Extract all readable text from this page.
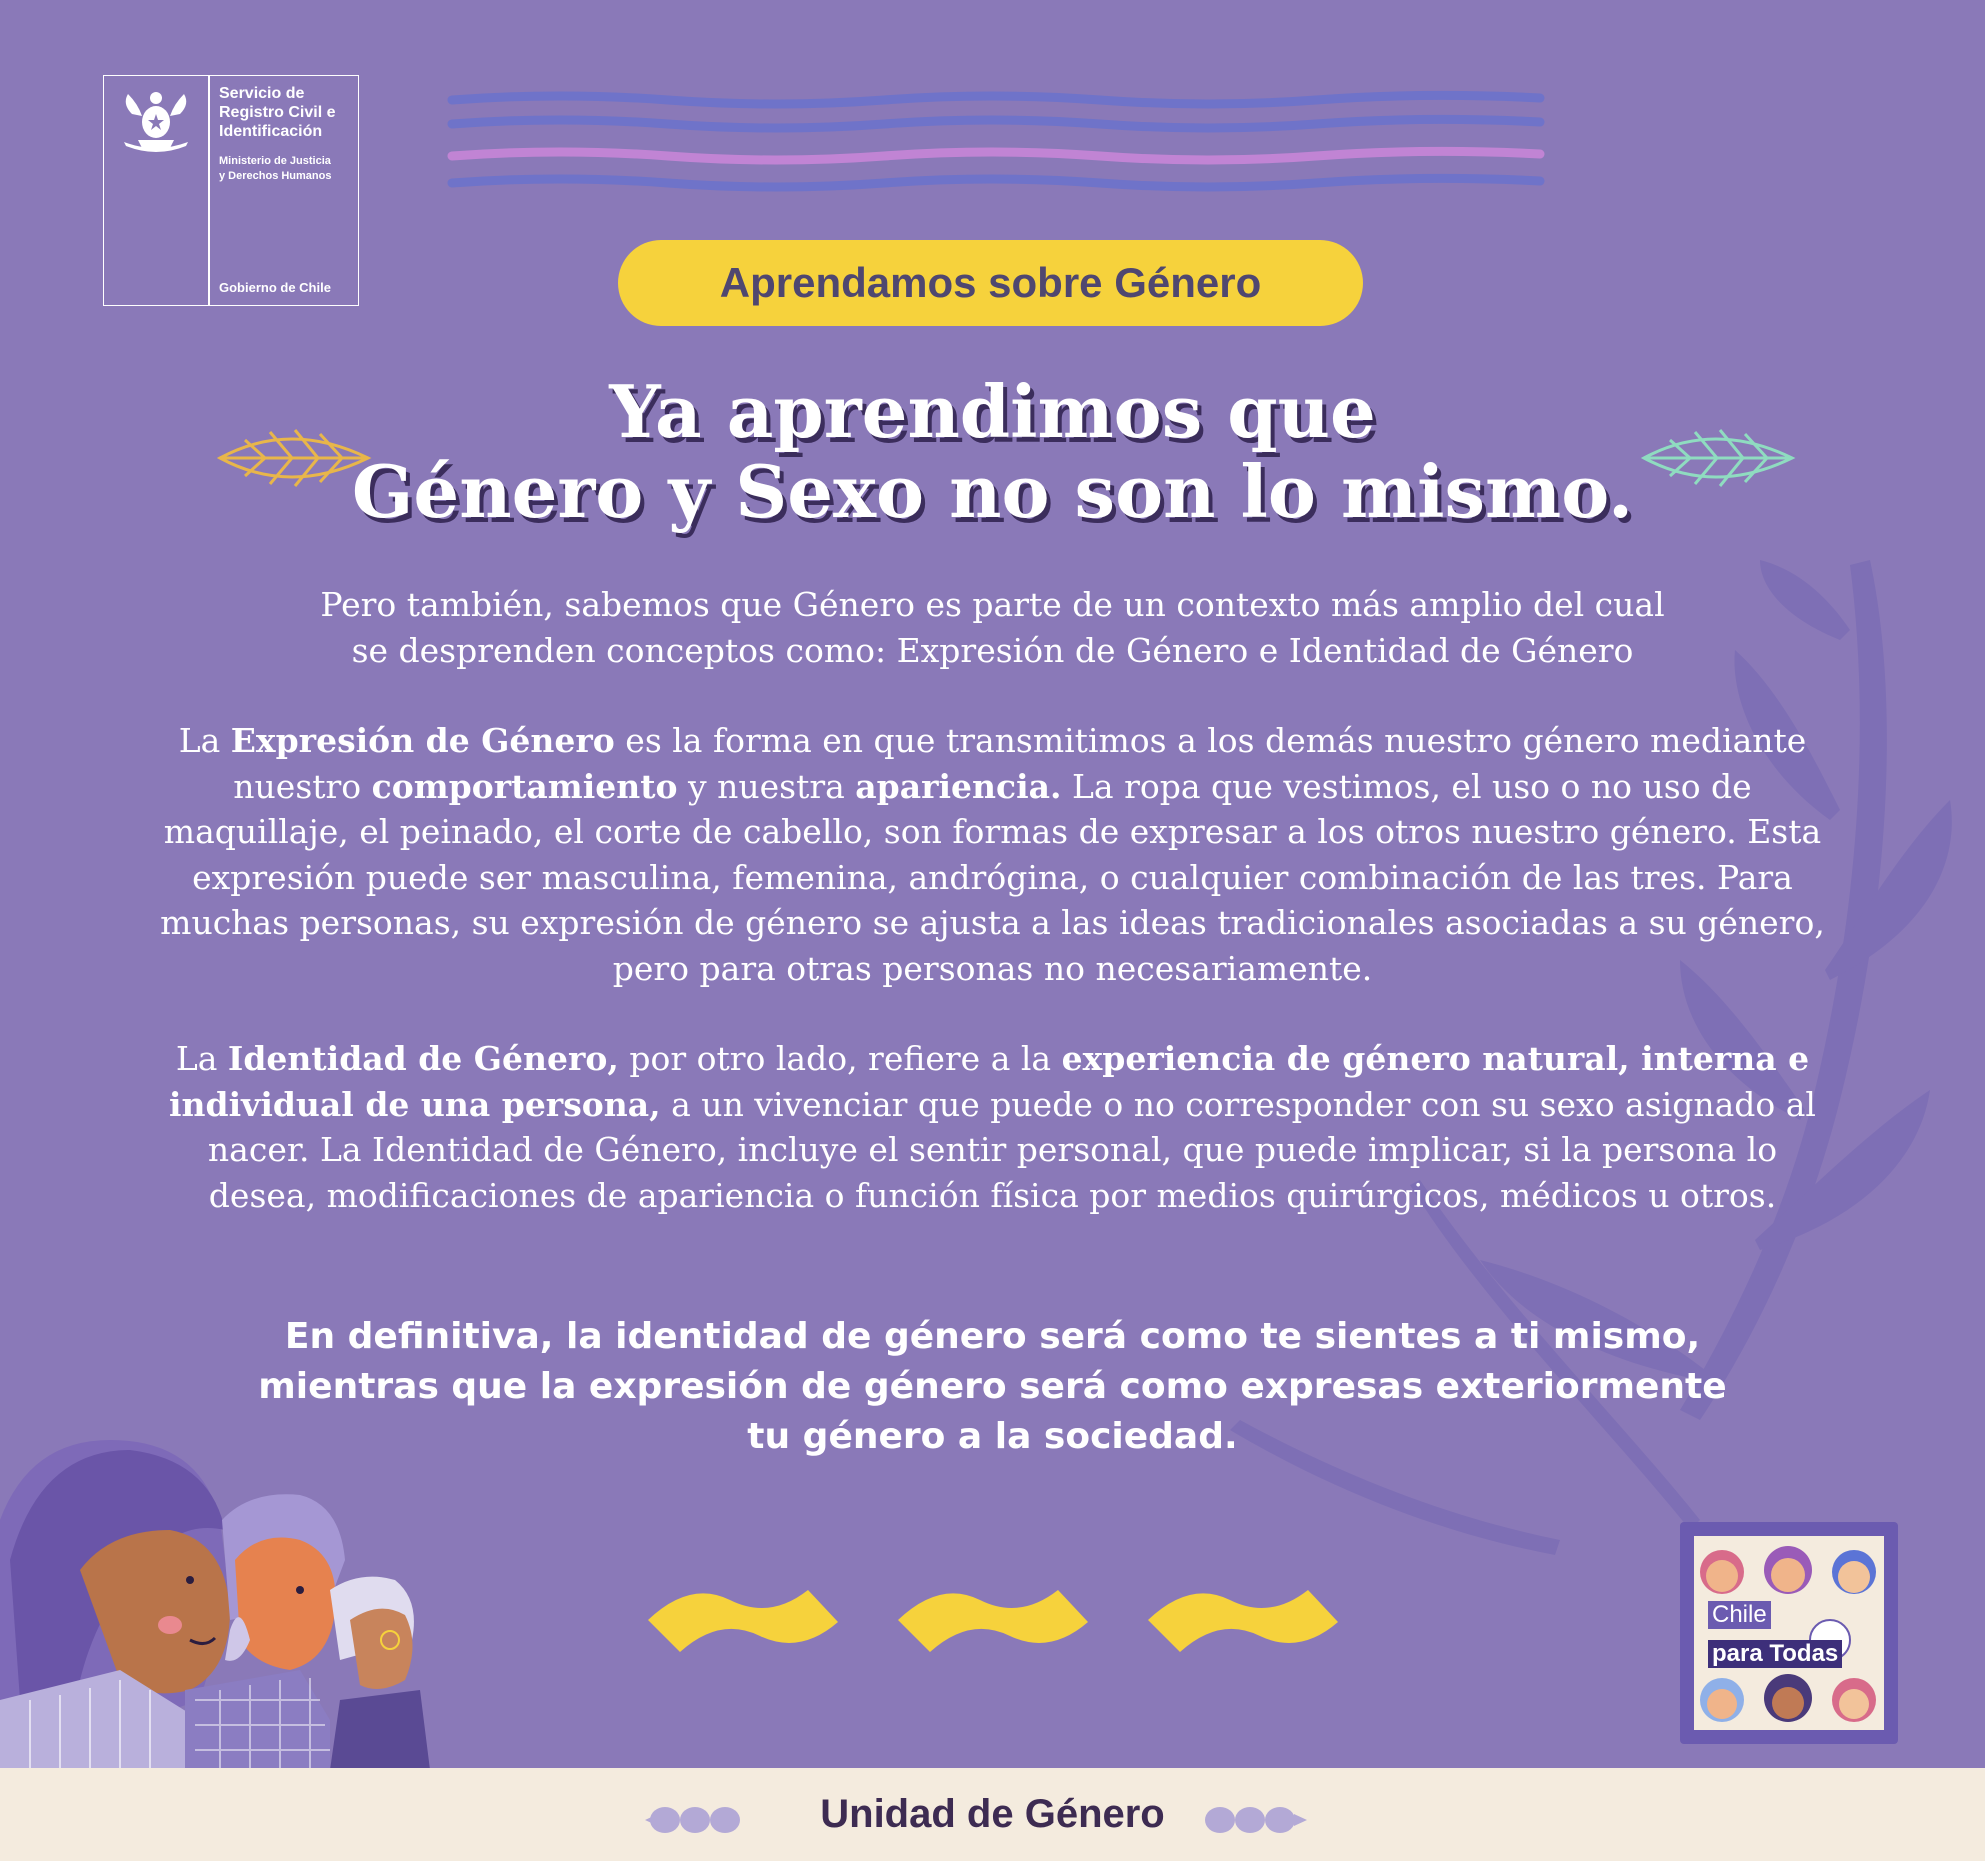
Servicio de
Registro Civil e
Identificación
Ministerio de Justicia
y Derechos Humanos
Gobierno de Chile	Aprendamos sobre Género
Ya aprendimos que
Género y Sexo no son lo mismo.
Pero también, sabemos que Género es parte de un contexto más amplio del cual
se desprenden conceptos como: Expresión de Género e Identidad de Género
La Expresión de Género es la forma en que transmitimos a los demás nuestro género mediante nuestro comportamiento y nuestra apariencia. La ropa que vestimos, el uso o no uso de maquillaje, el peinado, el corte de cabello, son formas de expresar a los otros nuestro género. Esta expresión puede ser masculina, femenina, andrógina, o cualquier combinación de las tres. Para muchas personas, su expresión de género se ajusta a las ideas tradicionales asociadas a su género, pero para otras personas no necesariamente.
La Identidad de Género, por otro lado, refiere a la experiencia de género natural, interna e individual de una persona, a un vivenciar que puede o no corresponder con su sexo asignado al nacer. La Identidad de Género, incluye el sentir personal, que puede implicar, si la persona lo desea, modificaciones de apariencia o función física por medios quirúrgicos, médicos u otros.
En definitiva, la identidad de género será como te sientes a ti mismo,
mientras que la expresión de género será como expresas exteriormente
tu género a la sociedad.
Chile
para Todas
Unidad de Género
